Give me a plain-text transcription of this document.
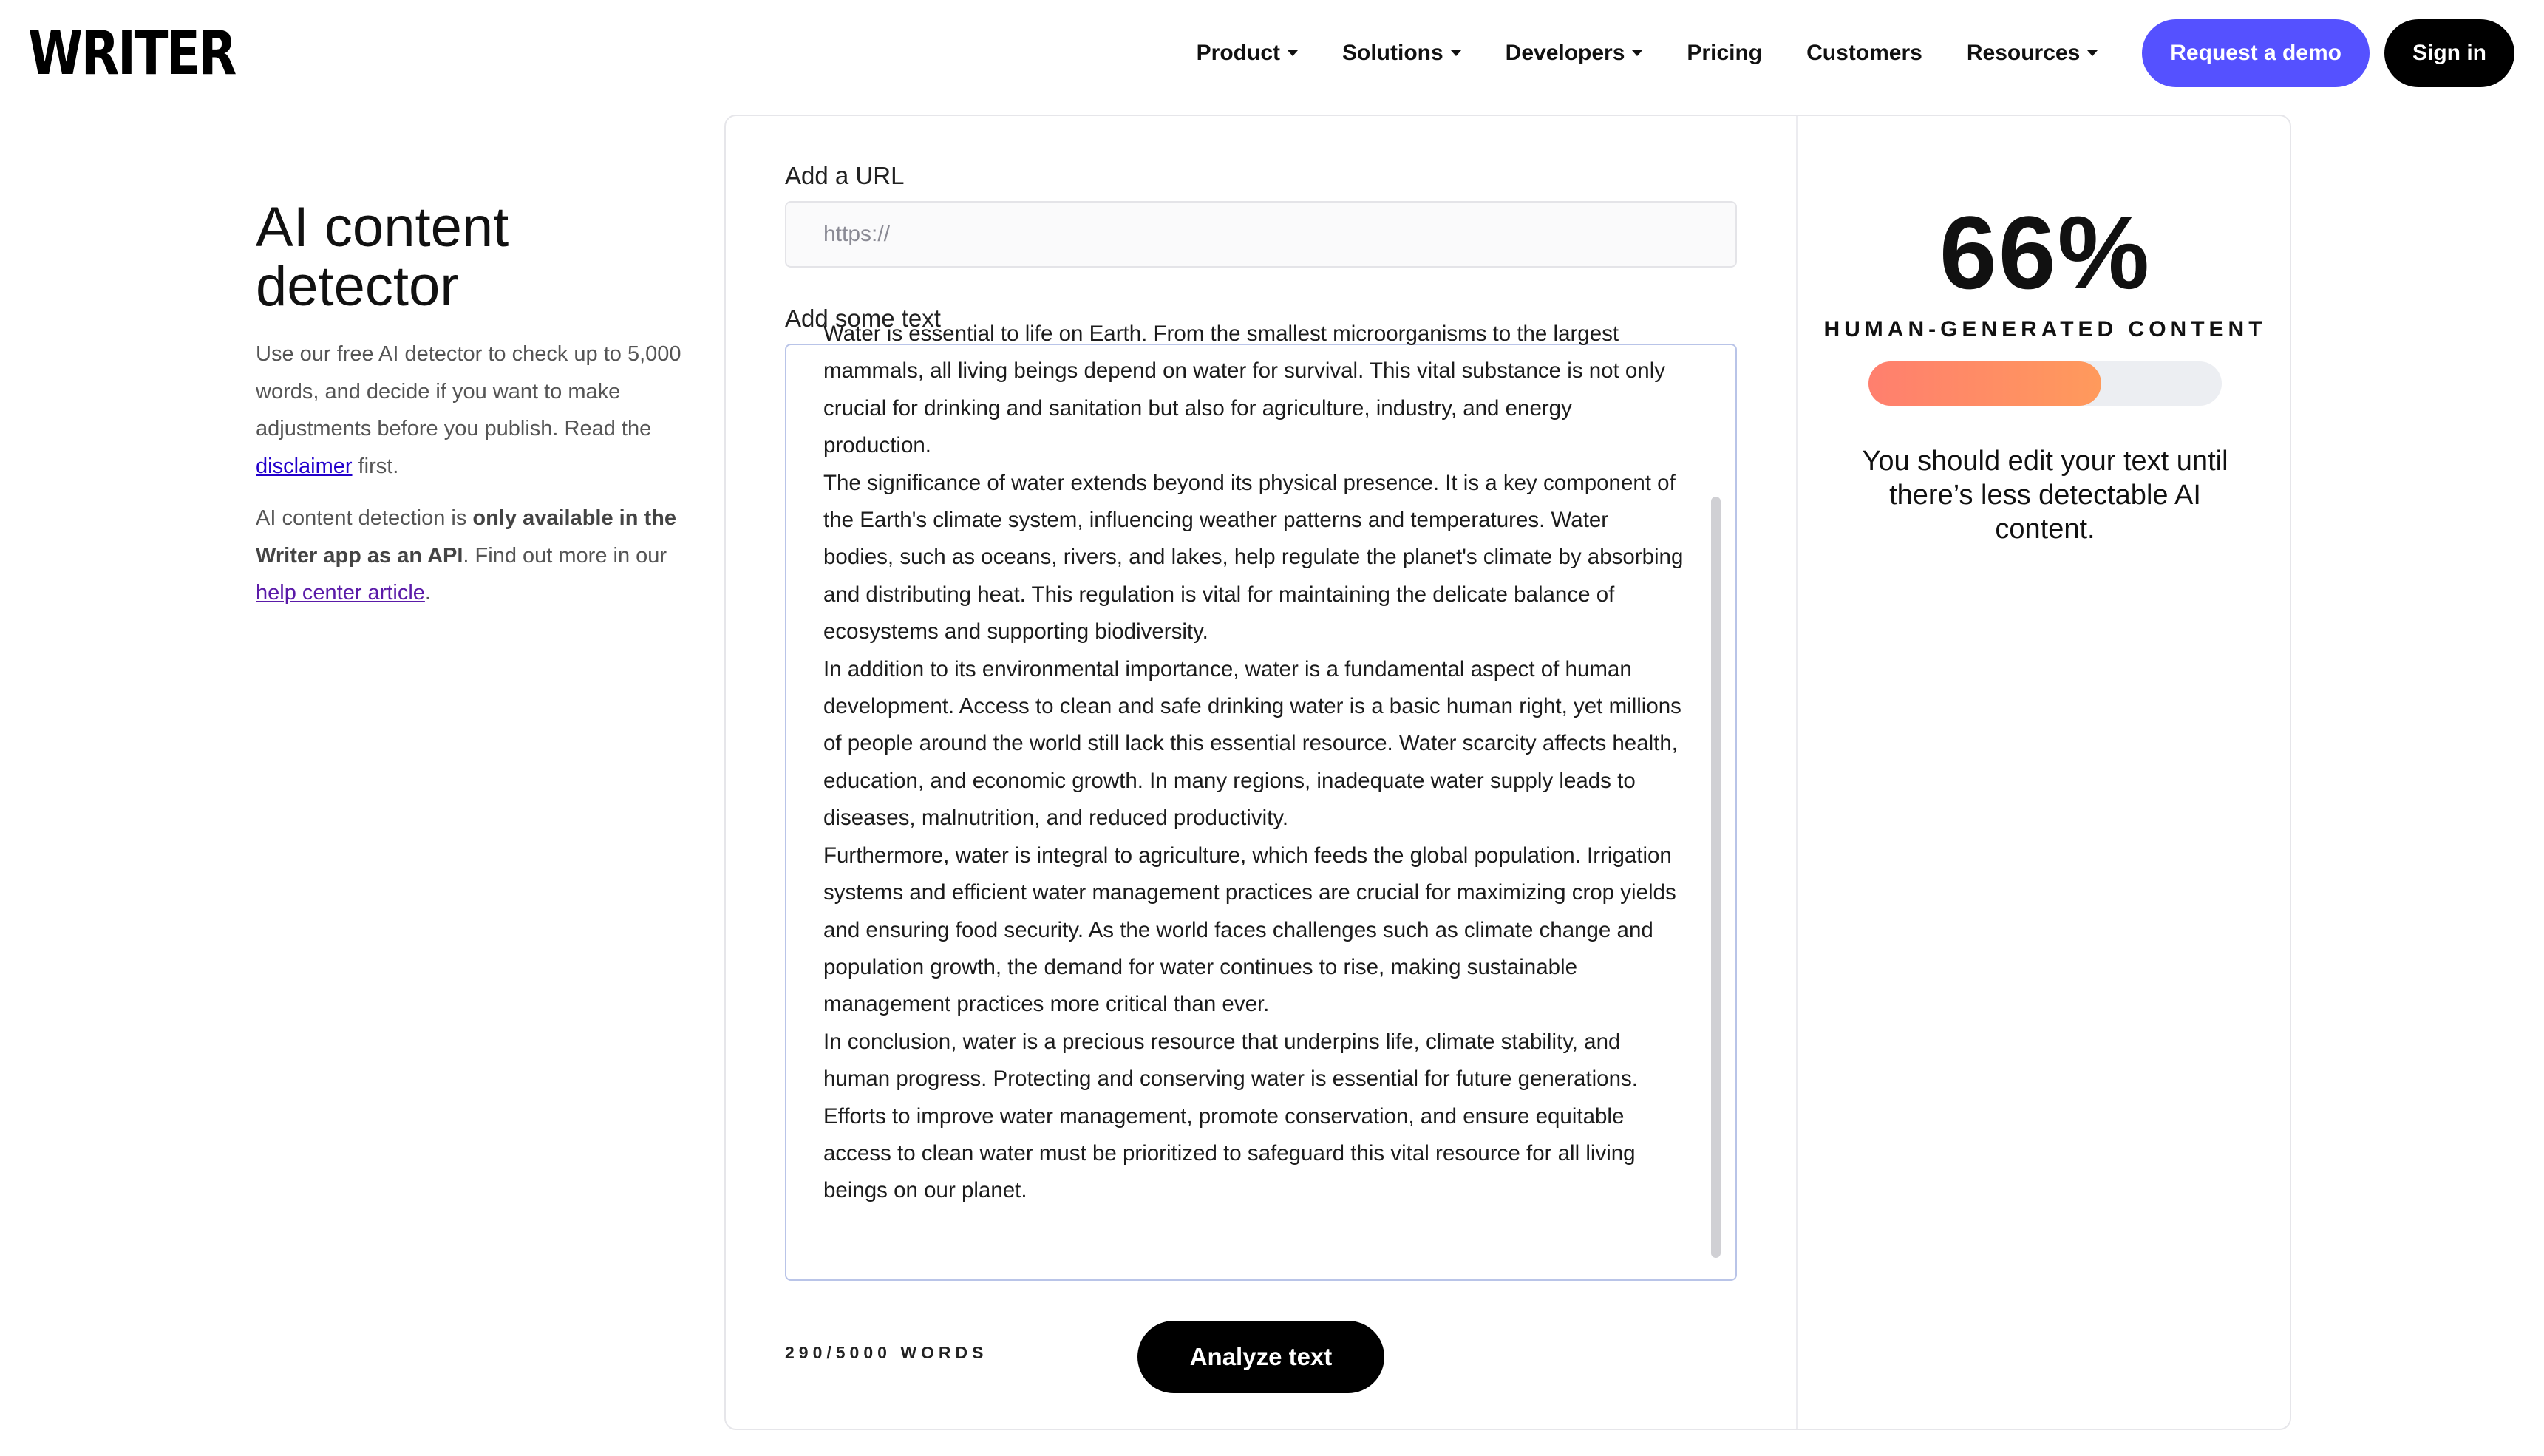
WRITER	Product	Solutions	Developers	Pricing Customers Resources	Request a demo	Sign in
AI content detector

Use our free AI detector to check up to 5,000 words, and decide if you want to make adjustments before you publish. Read the disclaimer first.

AI content detection is only available in the Writer app as an API. Find out more in our help center article.

Add a URL
https://
Add some text
Water is essential to life on Earth. From the smallest microorganisms to the largest mammals, all living beings depend on water for survival. This vital substance is not only crucial for drinking and sanitation but also for agriculture, industry, and energy production.
The significance of water extends beyond its physical presence. It is a key component of the Earth's climate system, influencing weather patterns and temperatures. Water bodies, such as oceans, rivers, and lakes, help regulate the planet's climate by absorbing and distributing heat. This regulation is vital for maintaining the delicate balance of ecosystems and supporting biodiversity.
In addition to its environmental importance, water is a fundamental aspect of human development. Access to clean and safe drinking water is a basic human right, yet millions of people around the world still lack this essential resource. Water scarcity affects health, education, and economic growth. In many regions, inadequate water supply leads to diseases, malnutrition, and reduced productivity.
Furthermore, water is integral to agriculture, which feeds the global population. Irrigation systems and efficient water management practices are crucial for maximizing crop yields and ensuring food security. As the world faces challenges such as climate change and population growth, the demand for water continues to rise, making sustainable management practices more critical than ever.
In conclusion, water is a precious resource that underpins life, climate stability, and human progress. Protecting and conserving water is essential for future generations. Efforts to improve water management, promote conservation, and ensure equitable access to clean water must be prioritized to safeguard this vital resource for all living beings on our planet.
290/5000 WORDS	Analyze text
66%
HUMAN-GENERATED CONTENT
You should edit your text until there’s less detectable AI content.
